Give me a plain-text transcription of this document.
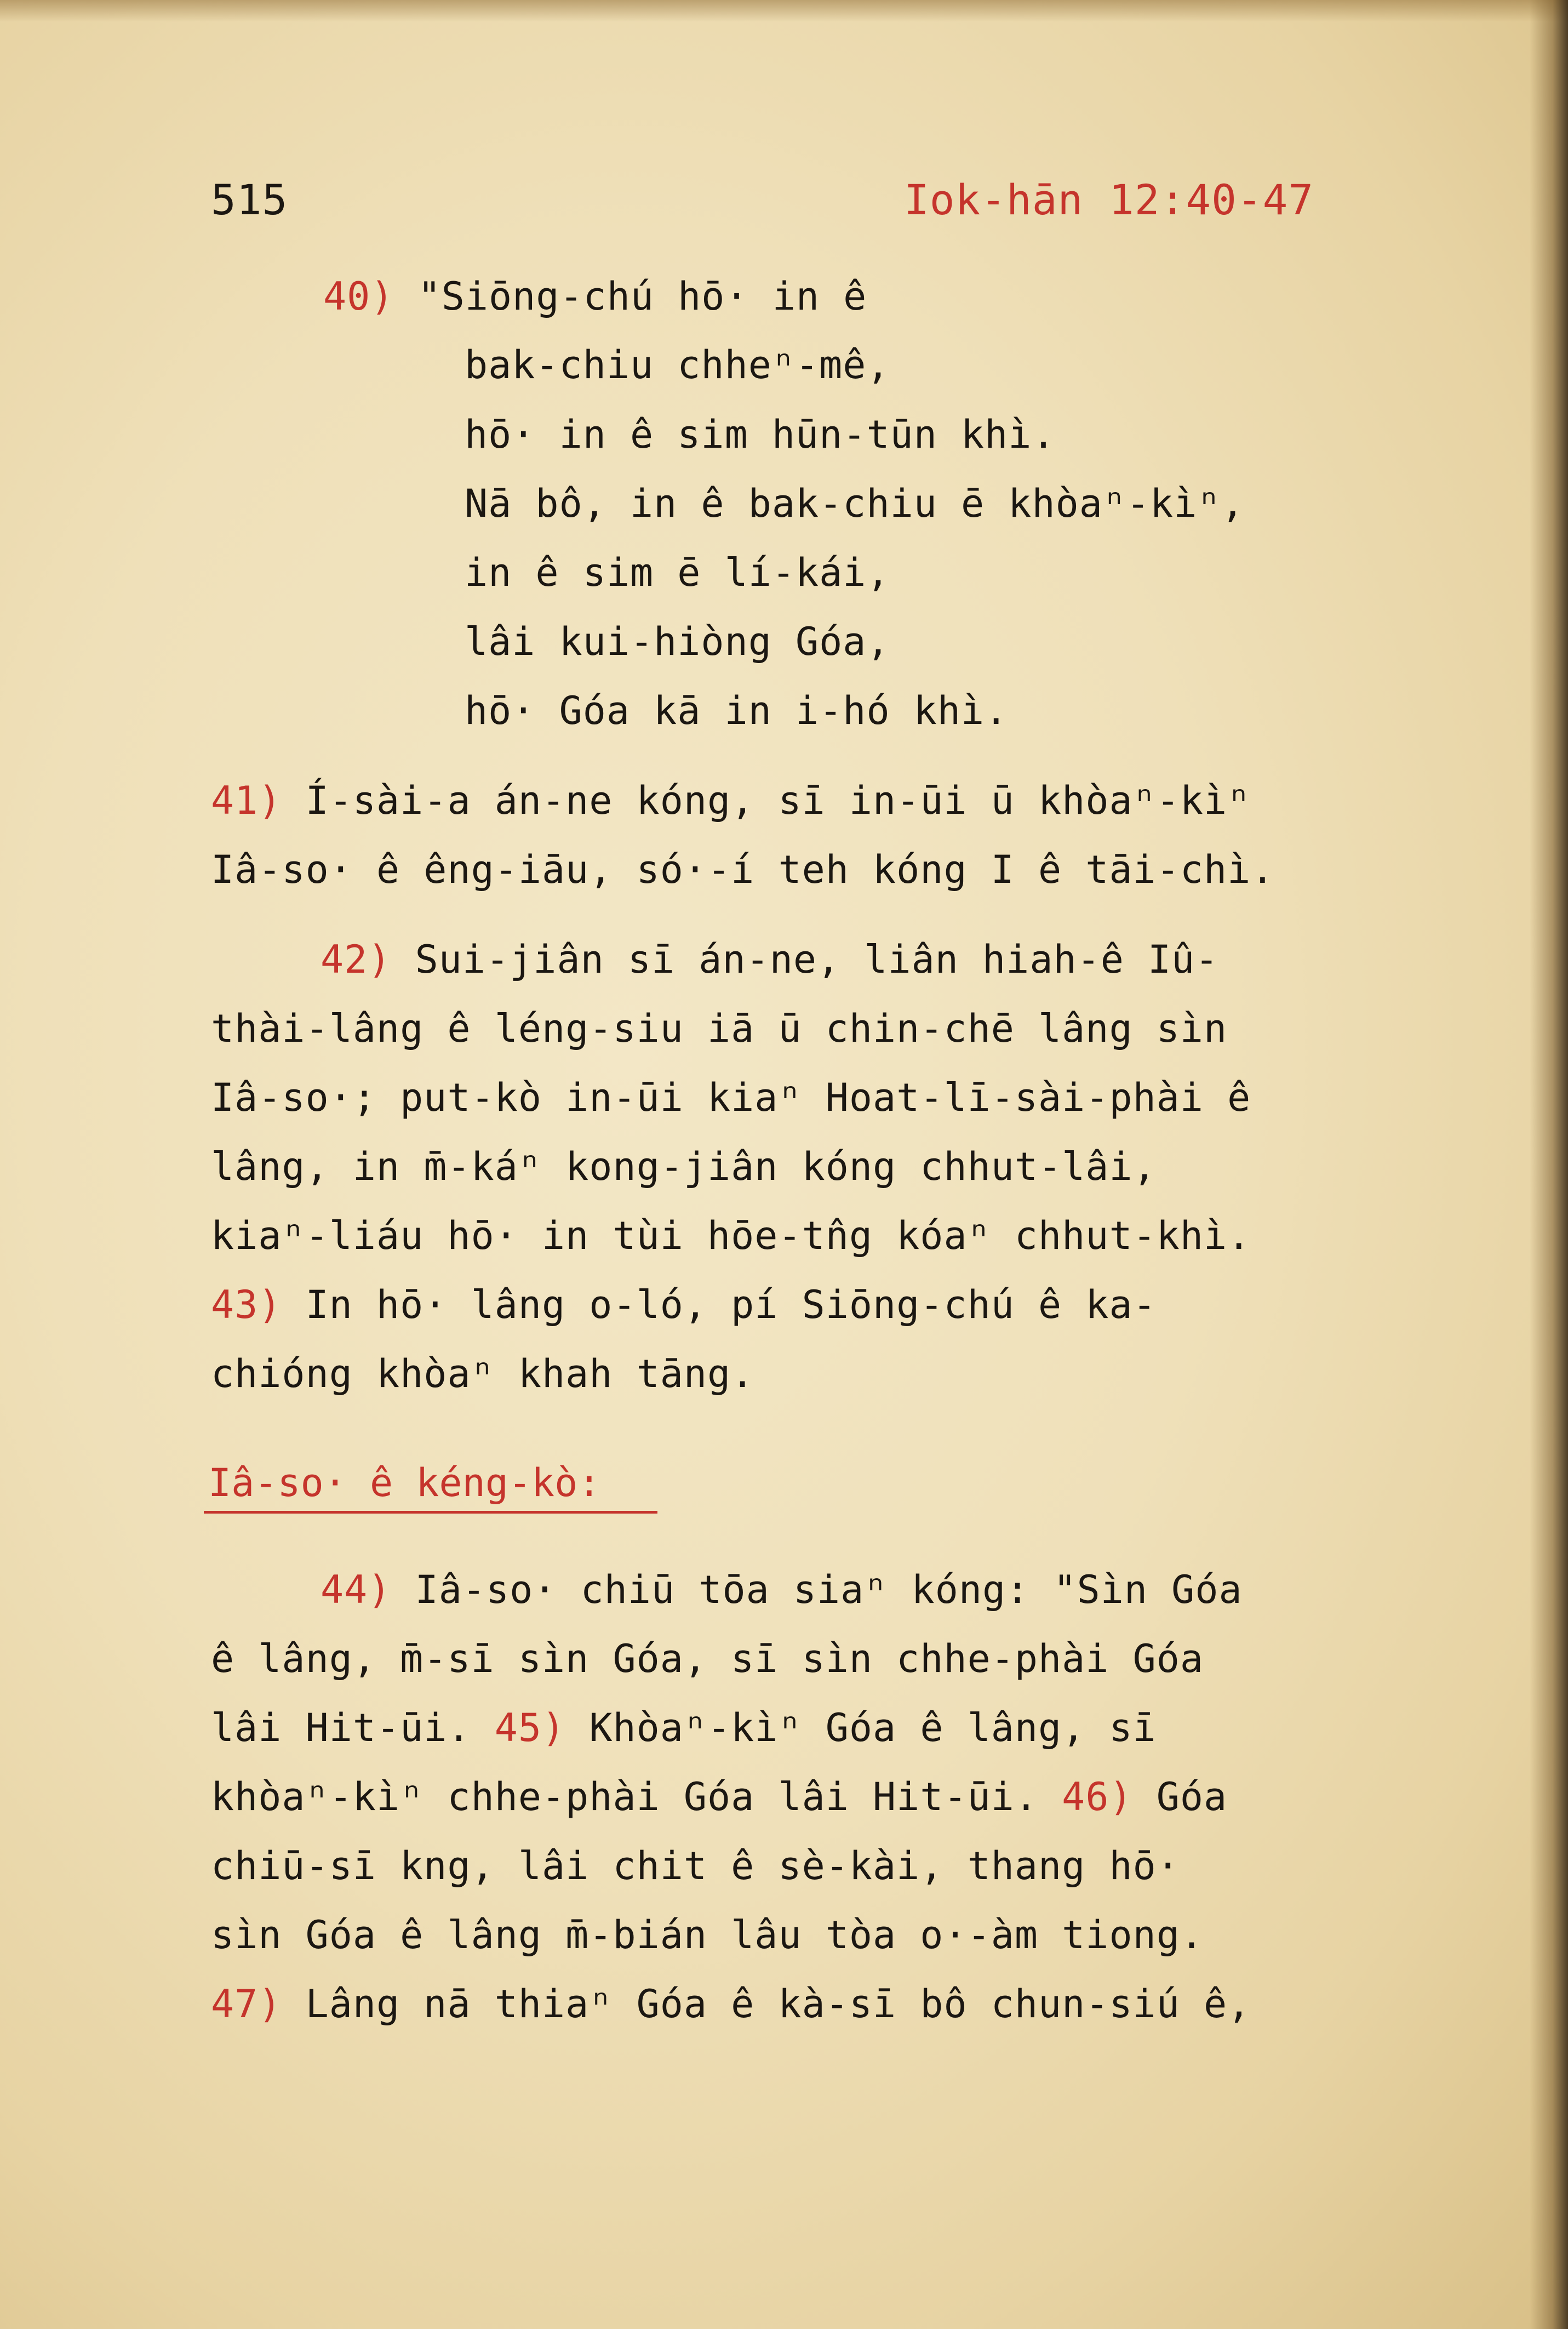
515	Iok-hān 12:40-47
40) "Siōng-chú hō· in ê
bak-chiu chheⁿ-mê,
hō· in ê sim hūn-tūn khì.
Nā bô, in ê bak-chiu ē khòaⁿ-kìⁿ,
in ê sim ē lí-kái,
lâi kui-hiòng Góa,
hō· Góa kā in i-hó khì.
41) Í-sài-a án-ne kóng, sī in-ūi ū khòaⁿ-kìⁿ
Iâ-so· ê êng-iāu, só·-í teh kóng I ê tāi-chì.
42) Sui-jiân sī án-ne, liân hiah-ê Iû-
thài-lâng ê léng-siu iā ū chin-chē lâng sìn
Iâ-so·; put-kò in-ūi kiaⁿ Hoat-lī-sài-phài ê
lâng, in m̄-káⁿ kong-jiân kóng chhut-lâi,
kiaⁿ-liáu hō· in tùi hōe-tn̂g kóaⁿ chhut-khì.
43) In hō· lâng o-ló, pí Siōng-chú ê ka-
chióng khòaⁿ khah tāng.
Iâ-so· ê kéng-kò:
44) Iâ-so· chiū tōa siaⁿ kóng: "Sìn Góa
ê lâng, m̄-sī sìn Góa, sī sìn chhe-phài Góa
lâi Hit-ūi. 45) Khòaⁿ-kìⁿ Góa ê lâng, sī
khòaⁿ-kìⁿ chhe-phài Góa lâi Hit-ūi. 46) Góa
chiū-sī kng, lâi chit ê sè-kài, thang hō·
sìn Góa ê lâng m̄-bián lâu tòa o·-àm tiong.
47) Lâng nā thiaⁿ Góa ê kà-sī bô chun-siú ê,
